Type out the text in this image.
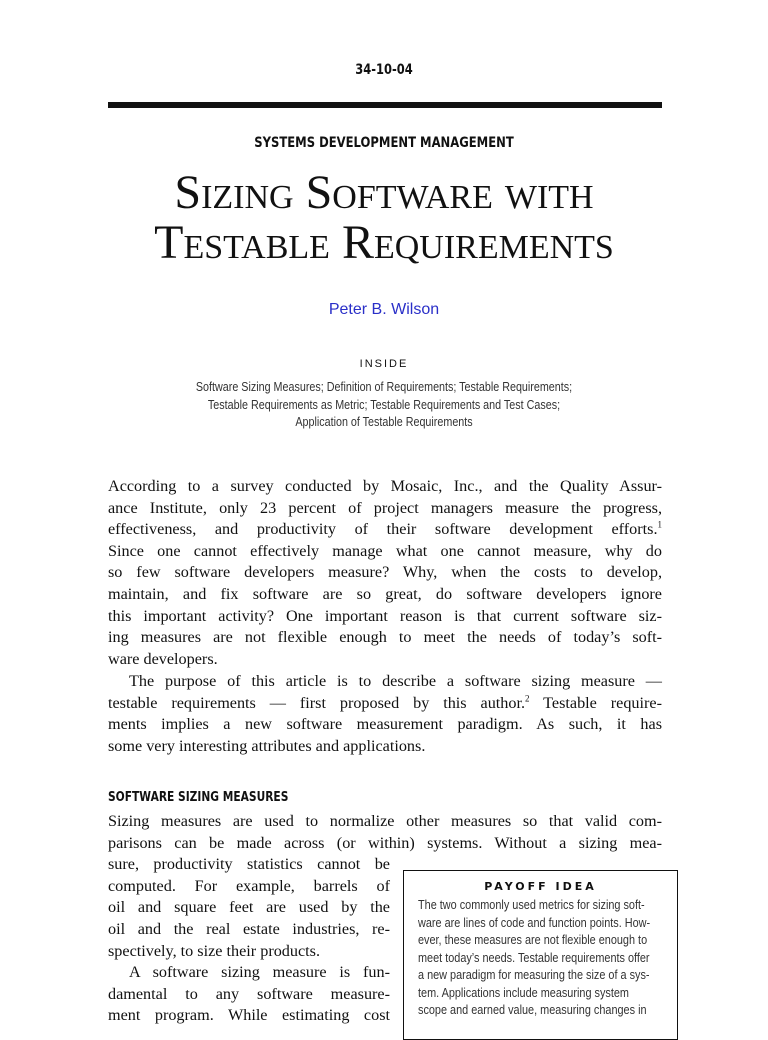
34-10-04
SYSTEMS DEVELOPMENT MANAGEMENT
Sizing Software with
Testable Requirements
Peter B. Wilson
INSIDE
Software Sizing Measures; Definition of Requirements; Testable Requirements;
Testable Requirements as Metric; Testable Requirements and Test Cases;
Application of Testable Requirements
According to a survey conducted by Mosaic, Inc., and the Quality Assur-
ance Institute, only 23 percent of project managers measure the progress,
effectiveness, and productivity of their software development efforts.$^1$
Since one cannot effectively manage what one cannot measure, why do
so few software developers measure? Why, when the costs to develop,
maintain, and fix software are so great, do software developers ignore
this important activity? One important reason is that current software siz-
ing measures are not flexible enough to meet the needs of today’s soft-
ware developers.
The purpose of this article is to describe a software sizing measure —
testable requirements — first proposed by this author.$^2$ Testable require-
ments implies a new software measurement paradigm. As such, it has
some very interesting attributes and applications.
SOFTWARE SIZING MEASURES
Sizing measures are used to normalize other measures so that valid com-
parisons can be made across (or within) systems. Without a sizing mea-
sure, productivity statistics cannot be
computed. For example, barrels of
oil and square feet are used by the
oil and the real estate industries, re-
spectively, to size their products.
A software sizing measure is fun-
damental to any software measure-
ment program. While estimating cost
PAYOFF IDEA
The two commonly used metrics for sizing soft-
ware are lines of code and function points. How-
ever, these measures are not flexible enough to
meet today’s needs. Testable requirements offer
a new paradigm for measuring the size of a sys-
tem. Applications include measuring system
scope and earned value, measuring changes in
